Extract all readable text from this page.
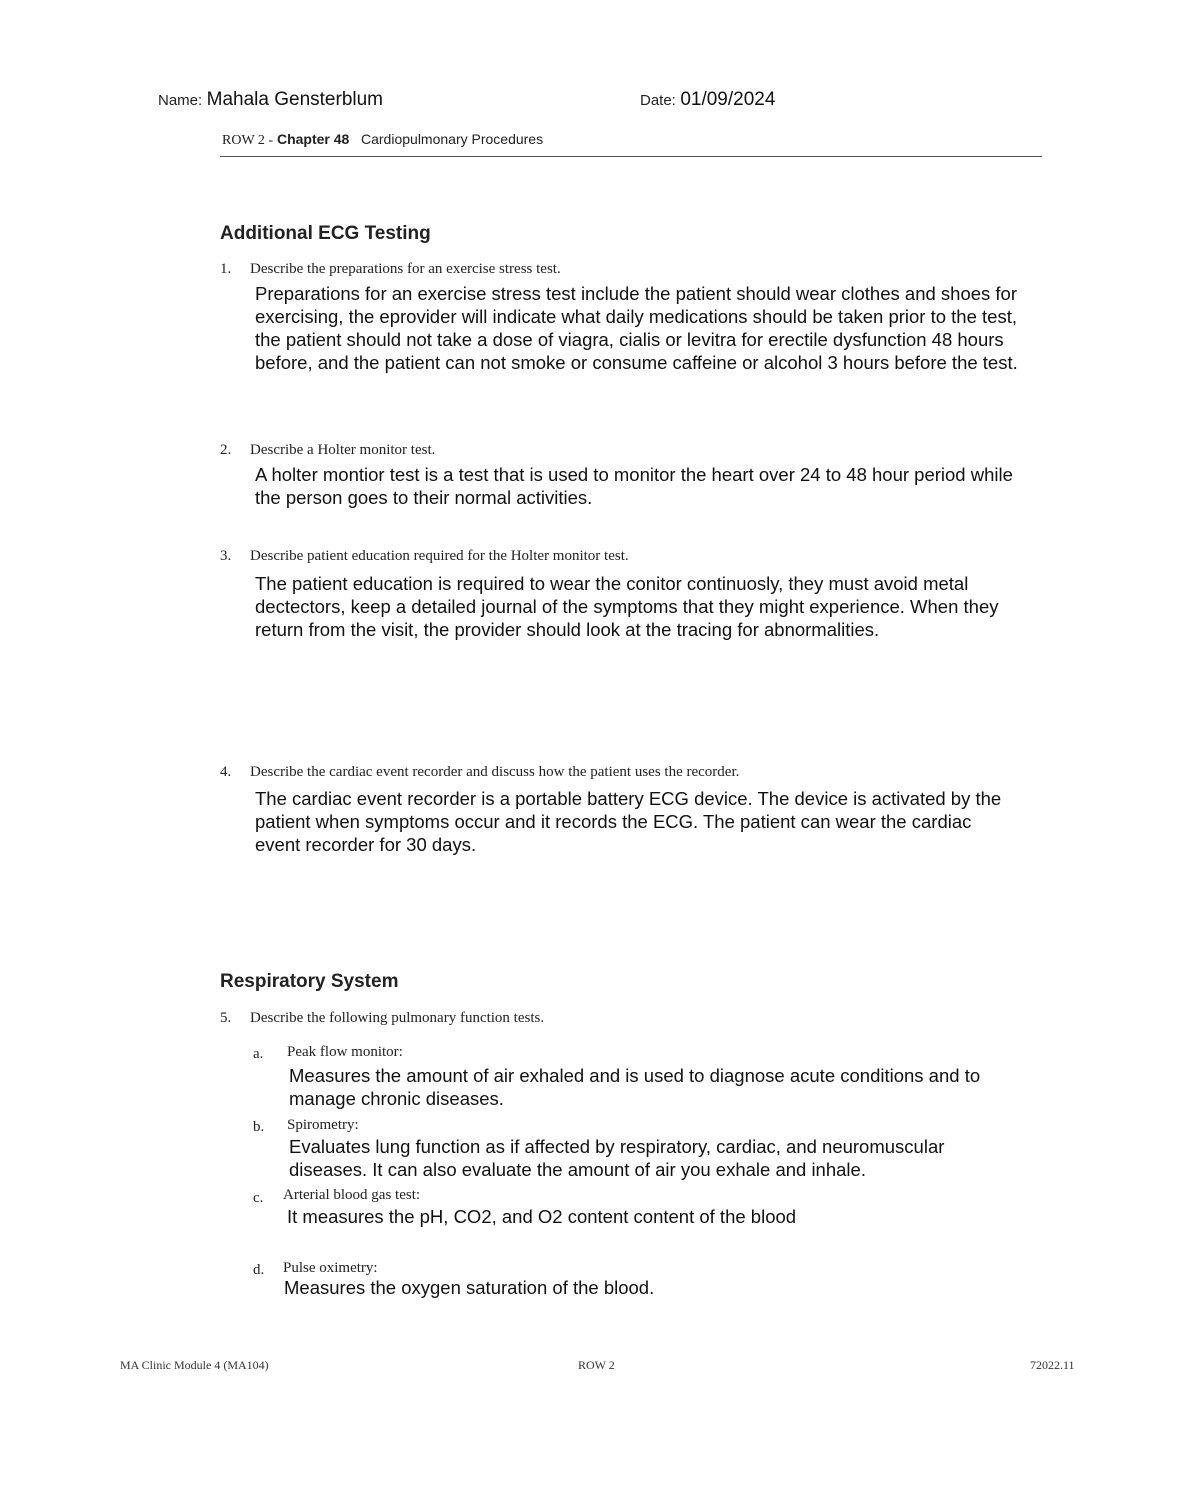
Name: Mahala Gensterblum	Date: 01/09/2024
ROW 2 - Chapter 48 Cardiopulmonary Procedures
Additional ECG Testing
1. Describe the preparations for an exercise stress test.
Preparations for an exercise stress test include the patient should wear clothes and shoes for
exercising, the eprovider will indicate what daily medications should be taken prior to the test,
the patient should not take a dose of viagra, cialis or levitra for erectile dysfunction 48 hours
before, and the patient can not smoke or consume caffeine or alcohol 3 hours before the test.
2. Describe a Holter monitor test.
A holter montior test is a test that is used to monitor the heart over 24 to 48 hour period while
the person goes to their normal activities.
3. Describe patient education required for the Holter monitor test.
The patient education is required to wear the conitor continuosly, they must avoid metal
dectectors, keep a detailed journal of the symptoms that they might experience. When they
return from the visit, the provider should look at the tracing for abnormalities.
4. Describe the cardiac event recorder and discuss how the patient uses the recorder.
The cardiac event recorder is a portable battery ECG device. The device is activated by the
patient when symptoms occur and it records the ECG. The patient can wear the cardiac
event recorder for 30 days.
Respiratory System
5. Describe the following pulmonary function tests.
a. Peak flow monitor:
Measures the amount of air exhaled and is used to diagnose acute conditions and to
manage chronic diseases.
b. Spirometry:
Evaluates lung function as if affected by respiratory, cardiac, and neuromuscular
diseases. It can also evaluate the amount of air you exhale and inhale.
c. Arterial blood gas test:
It measures the pH, CO2, and O2 content content of the blood
d. Pulse oximetry:
Measures the oxygen saturation of the blood.
MA Clinic Module 4 (MA104)	ROW 2	72022.11
